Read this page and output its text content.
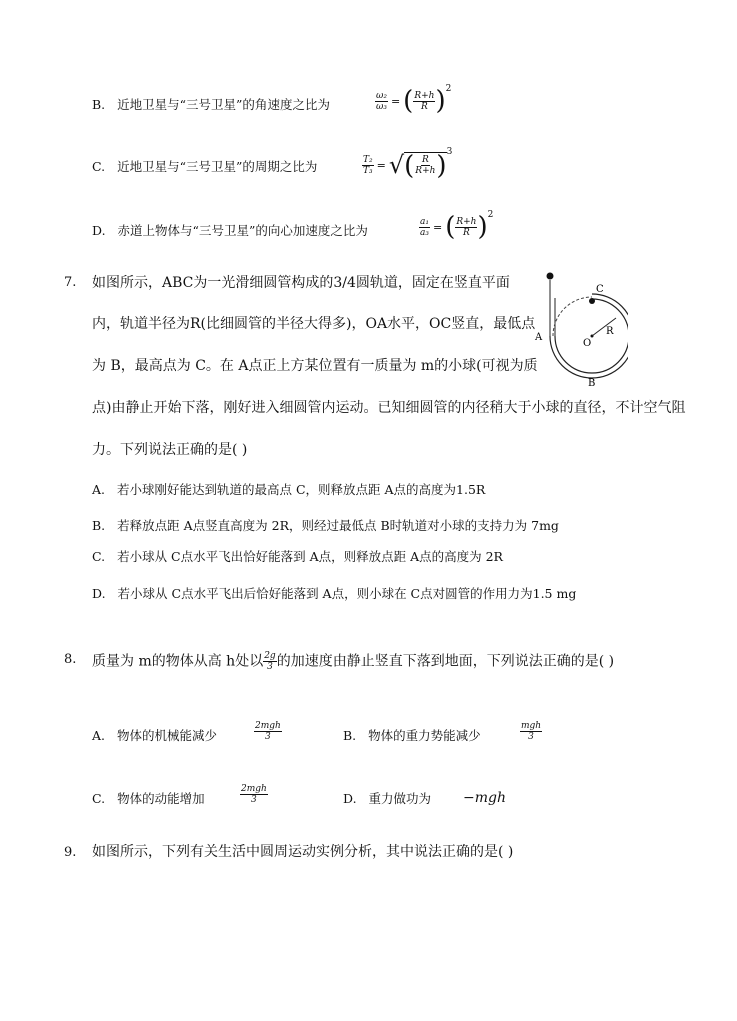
B. 近地卫星与“三号卫星”的角速度之比为	$\frac{\text{ω₂}}{\text{ω₃}}$ = ( $\frac{R+h}{R} )^2$
C. 近地卫星与“三号卫星”的周期之比为	$\frac{\text{T₂}}{\text{T₃}}$ = √( $\frac{R}{R+h} )^3$
D. 赤道上物体与“三号卫星”的向心加速度之比为	$\frac{\text{a₁}}{\text{a₃}}$ = ( $\frac{R+h}{R} )^2$
7. 如图所示，ABC为一光滑细圆管构成的3/4圆轨道，固定在竖直平面
内，轨道半径为R(比细圆管的半径大得多)，OA水平，OC竖直，最低点
为 B，最高点为 C。在 A点正上方某位置有一质量为 m的小球(可视为质
点)由静止开始下落，刚好进入细圆管内运动。已知细圆管的内径稍大于小球的直径，不计空气阻
力。下列说法正确的是( )
C
A
O
R
B
A. 若小球刚好能达到轨道的最高点 C，则释放点距 A点的高度为1.5R
B. 若释放点距 A点竖直高度为 2R，则经过最低点 B时轨道对小球的支持力为 7mg
C. 若小球从 C点水平飞出恰好能落到 A点，则释放点距 A点的高度为 2R
D. 若小球从 C点水平飞出后恰好能落到 A点，则小球在 C点对圆管的作用力为1.5 mg
8. 质量为 m的物体从高 h处以 $\frac{2g}{3}$ 的加速度由静止竖直下落到地面，下列说法正确的是( )
A. 物体的机械能减少	$\frac{\text{2mgh}}{3}$	B. 物体的重力势能减少	$\frac{\text{mgh}}{3}$
C. 物体的动能增加	$\frac{\text{2mgh}}{3}$	D. 重力做功为 −mgh
9. 如图所示，下列有关生活中圆周运动实例分析，其中说法正确的是( )
